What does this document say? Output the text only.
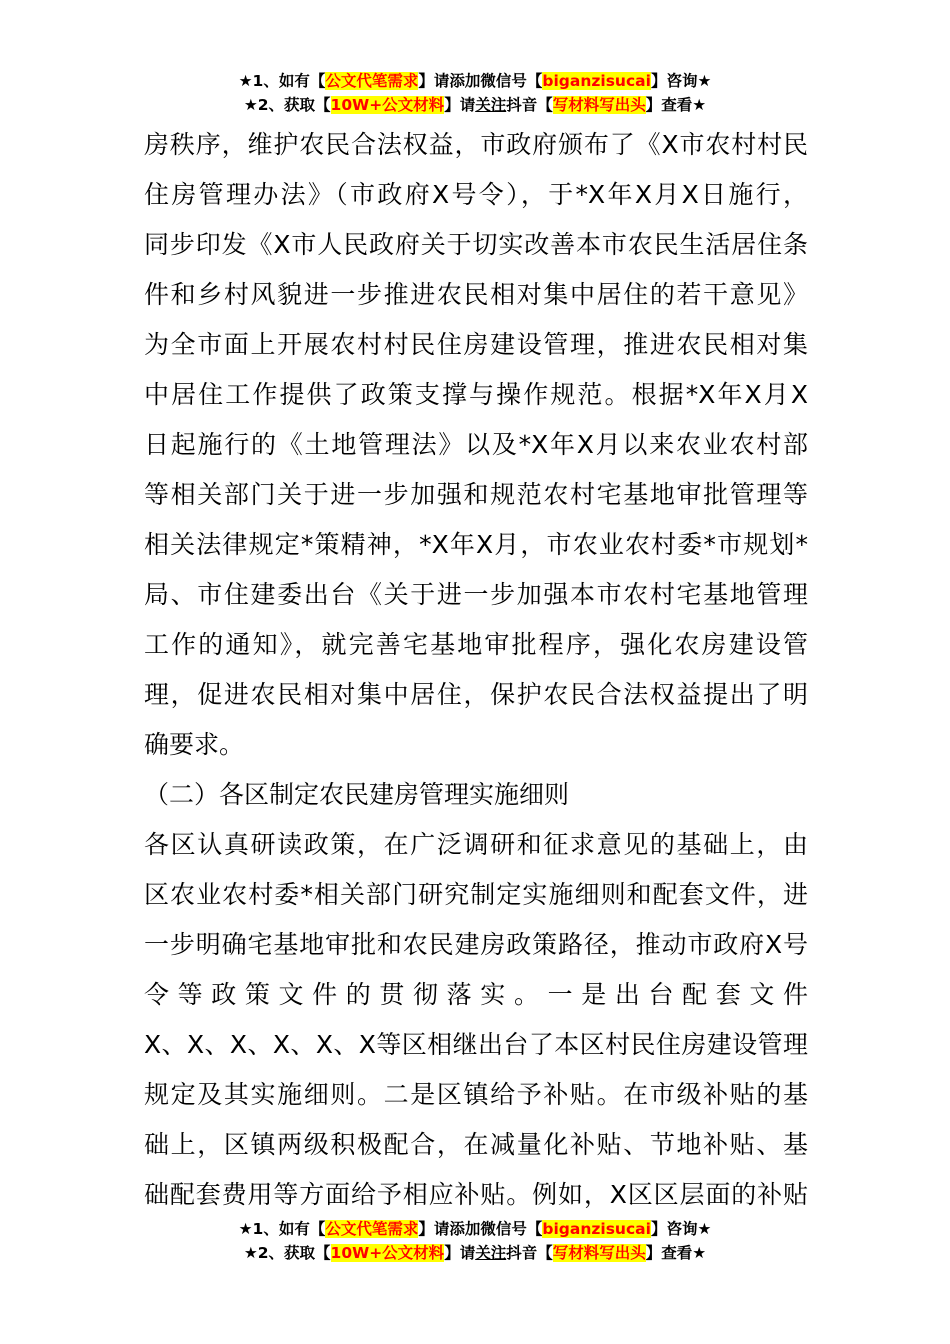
★1、如有【公文代笔需求】请添加微信号【biganzisucai】咨询★
★2、获取【10W+公文材料】请关注抖音【写材料写出头】查看★
房秩序，维护农民合法权益，市政府颁布了《X市农村村民
住房管理办法》（市政府X号令），于*X年X月X日施行，
同步印发《X市人民政府关于切实改善本市农民生活居住条
件和乡村风貌进一步推进农民相对集中居住的若干意见》
为全市面上开展农村村民住房建设管理，推进农民相对集
中居住工作提供了政策支撑与操作规范。根据*X年X月X
日起施行的《土地管理法》以及*X年X月以来农业农村部
等相关部门关于进一步加强和规范农村宅基地审批管理等
相关法律规定*策精神，*X年X月，市农业农村委*市规划*
局、市住建委出台《关于进一步加强本市农村宅基地管理
工作的通知》，就完善宅基地审批程序，强化农房建设管
理，促进农民相对集中居住，保护农民合法权益提出了明
确要求。
（二）各区制定农民建房管理实施细则
各区认真研读政策，在广泛调研和征求意见的基础上，由
区农业农村委*相关部门研究制定实施细则和配套文件，进
一步明确宅基地审批和农民建房政策路径，推动市政府X号
令等政策文件的贯彻落实。一是出台配套文件
X、X、X、X、X、X等区相继出台了本区村民住房建设管理
规定及其实施细则。二是区镇给予补贴。在市级补贴的基
础上，区镇两级积极配合，在减量化补贴、节地补贴、基
础配套费用等方面给予相应补贴。例如，X区区层面的补贴
★1、如有【公文代笔需求】请添加微信号【biganzisucai】咨询★
★2、获取【10W+公文材料】请关注抖音【写材料写出头】查看★
